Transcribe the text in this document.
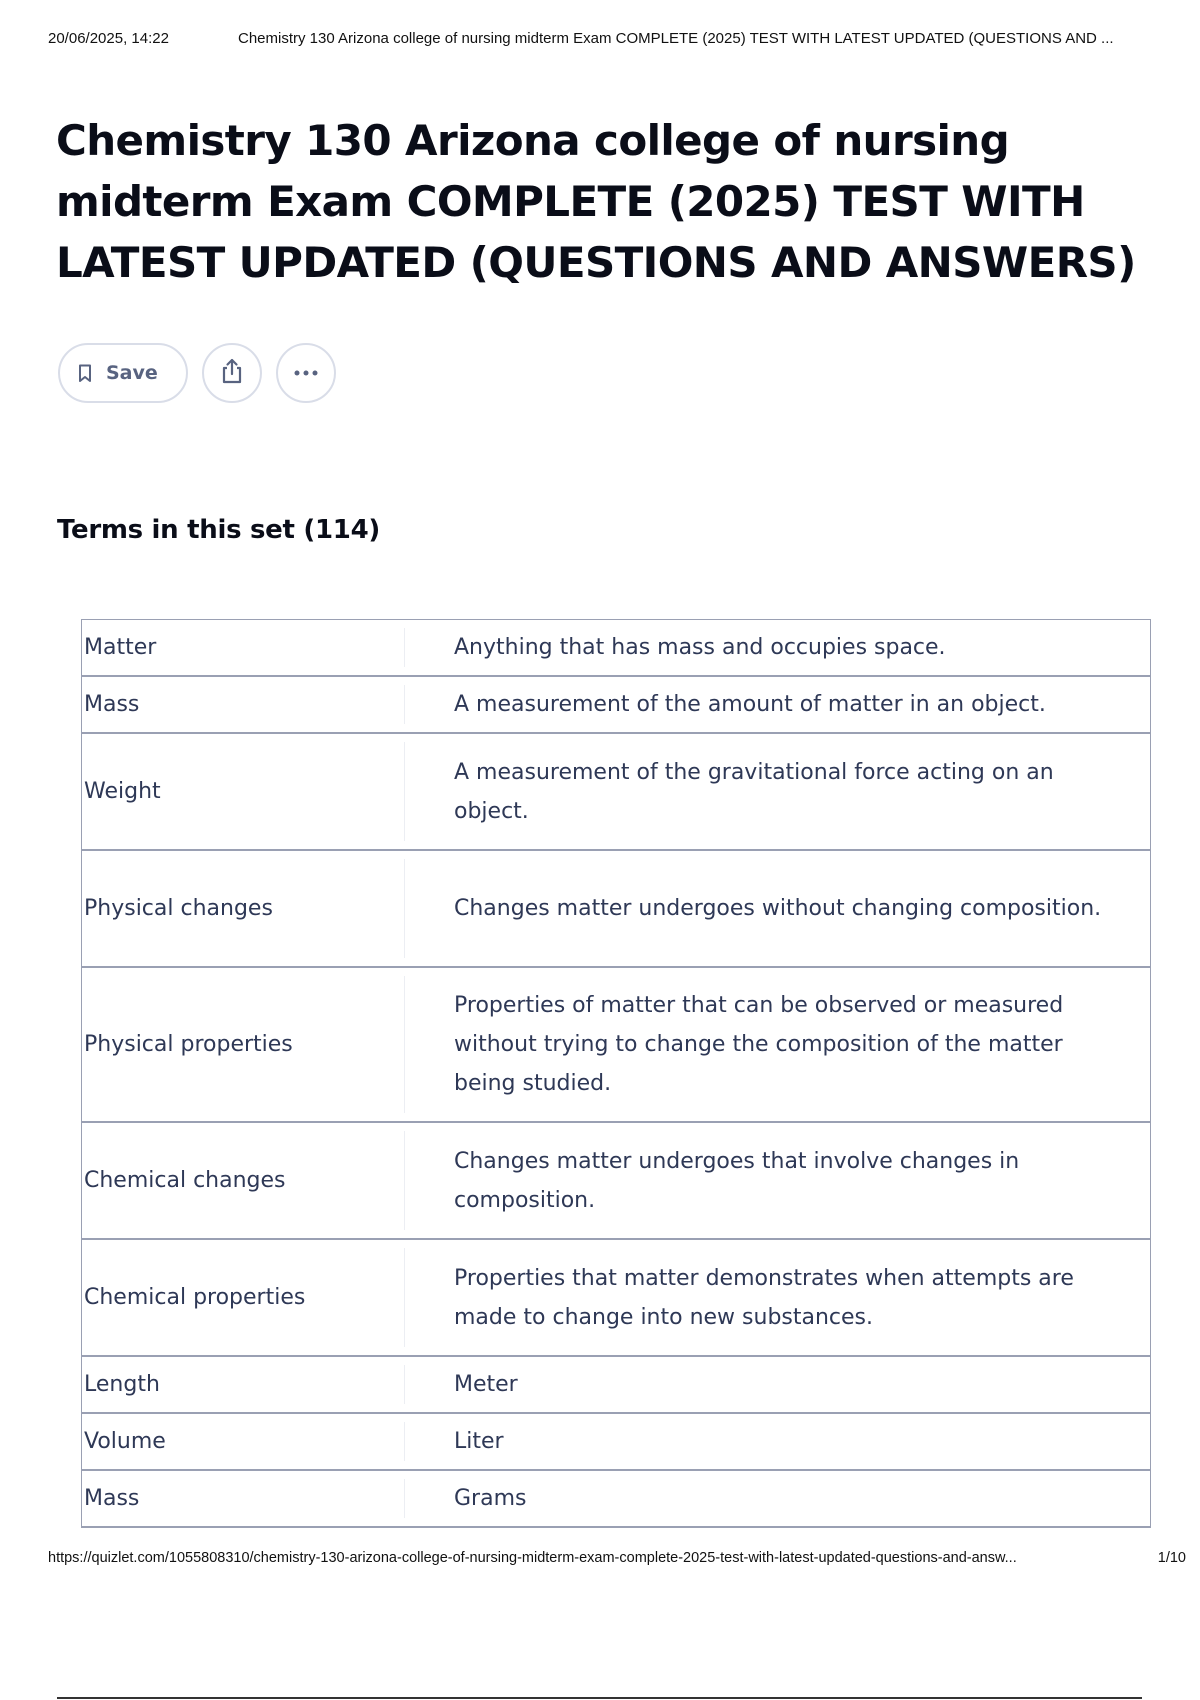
20/06/2025, 14:22	Chemistry 130 Arizona college of nursing midterm Exam COMPLETE (2025) TEST WITH LATEST UPDATED (QUESTIONS AND ...
Chemistry 130 Arizona college of nursing midterm Exam COMPLETE (2025) TEST WITH LATEST UPDATED (QUESTIONS AND ANSWERS)
Save
Terms in this set (114)
Matter	Anything that has mass and occupies space.
Mass	A measurement of the amount of matter in an object.
Weight	A measurement of the gravitational force acting on an object.
Physical changes	Changes matter undergoes without changing composition.
Physical properties	Properties of matter that can be observed or measured without trying to change the composition of the matter being studied.
Chemical changes	Changes matter undergoes that involve changes in composition.
Chemical properties	Properties that matter demonstrates when attempts are made to change into new substances.
Length	Meter
Volume	Liter
Mass	Grams
https://quizlet.com/1055808310/chemistry-130-arizona-college-of-nursing-midterm-exam-complete-2025-test-with-latest-updated-questions-and-answ...	1/10
